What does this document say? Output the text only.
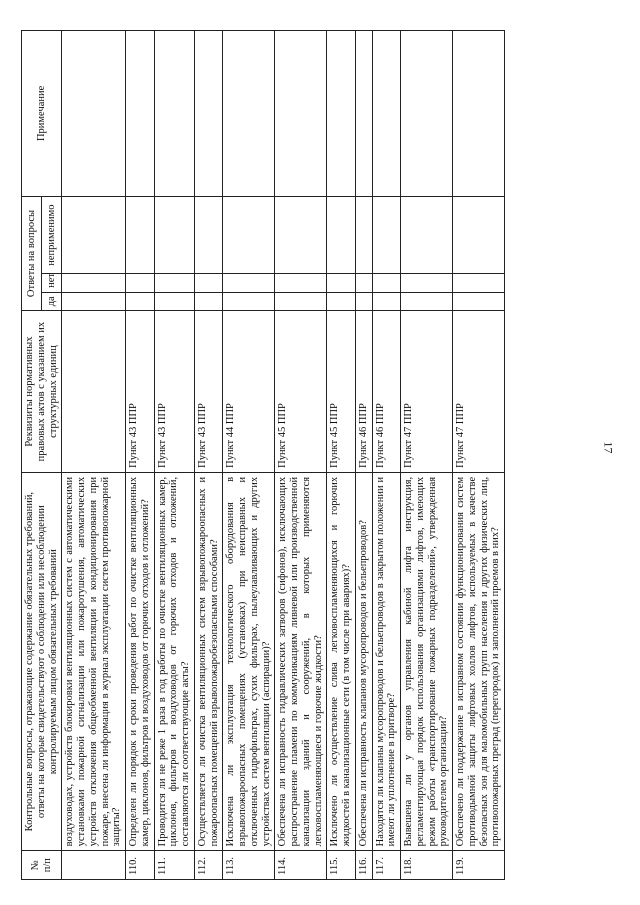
17
№ п/п	Контрольные вопросы, отражающие содержание обязательных требований, ответы на которые свидетельствуют о соблюдении или несоблюдении контролируемым лицом обязательных требований	Реквизиты нормативных правовых актов с указанием их структурных единиц	Ответы на вопросы			Примечание
			да	нет	неприменимо	
	воздуховодах, устройств блокировки вентиляционных систем с автоматическими установками пожарной сигнализации или пожаротушения, автоматических устройств отключения общеобменной вентиляции и кондиционирования при пожаре, внесена ли информация в журнал эксплуатации систем противопожарной защиты?					
110.	Определен ли порядок и сроки проведения работ по очистке вентиляционных камер, циклонов, фильтров и воздуховодов от горючих отходов и отложений?	Пункт 43 ППР				
111.	Проводится ли не реже 1 раза в год работы по очистке вентиляционных камер, циклонов, фильтров и воздуховодов от горючих отходов и отложений, составляются ли соответствующие акты?	Пункт 43 ППР				
112.	Осуществляется ли очистка вентиляционных систем взрывопожароопасных и пожароопасных помещений взрывопожаробезопасными способами?	Пункт 43 ППР				
113.	Исключена ли эксплуатация технологического оборудования в взрывопожароопасных помещениях (установках) при неисправных и отключенных гидрофильтрах, сухих фильтрах, пылеулавливающих и других устройствах систем вентиляции (аспирации)?	Пункт 44 ППР				
114.	Обеспечена ли исправность гидравлических затворов (сифонов), исключающих распространение пламени по коммуникациям ливневой или производственной канализации зданий и сооружений, в которых применяются легковоспламеняющиеся и горючие жидкости?	Пункт 45 ППР				
115.	Исключено ли осуществление слива легковоспламеняющихся и горючих жидкостей в канализационные сети (в том числе при авариях)?	Пункт 45 ППР				
116.	Обеспечена ли исправность клапанов мусоропроводов и бельепроводов?	Пункт 46 ППР				
117.	Находятся ли клапаны мусоропроводов и бельепроводов в закрытом положении и имеют ли уплотнение в притворе?	Пункт 46 ППР				
118.	Вывешена ли у органов управления кабиной лифта инструкция, регламентирующая порядок использования организациями лифтов, имеющих режим работы «транспортирование пожарных подразделений», утвержденная руководителем организации?	Пункт 47 ППР				
119.	Обеспечено ли поддержание в исправном состоянии функционирования систем противодымной защиты лифтовых холлов лифтов, используемых в качестве безопасных зон для маломобильных групп населения и других физических лиц, противопожарных преград (перегородок) и заполнений проемов в них?	Пункт 47 ППР				
